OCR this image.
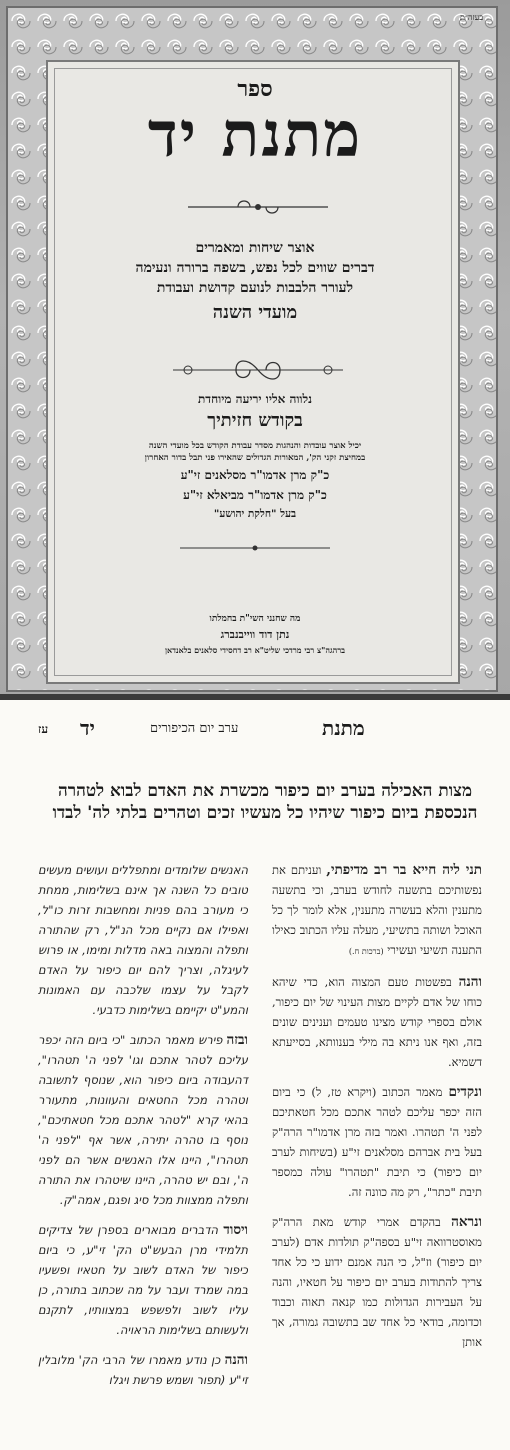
בעזה״ת
ספר
מתנת יד
אוצר שיחות ומאמרים
דברים שווים לכל נפש, בשפה ברורה ונעימה
לעורר הלבבות לנועם קדושת ועבודת
מועדי השנה
נלווה אליו יריעה מיוחדת
בקודש חזיתיך
יכיל אוצר עובדות והנהגות מסדר עבודת הקודש בכל מועדי השנה
במחיצת זקני הק', המאורות הגדולים שהאירו פני תבל בדור האחרון
כ"ק מרן אדמו"ר מסלאנים זי"ע
כ"ק מרן אדמו"ר מביאלא זי"ע
בעל "חלקת יהושע"
מה שחנני השי"ת בחמלתו
נתן דוד ווייבנברג
ברהגה"צ רבי מרדכי שליט"א רב דחסידי סלאנים בלאנדאן
מתנת
ערב יום הכיפורים
יד
עז
מצות האכילה בערב יום כיפור מכשרת את האדם לבוא לטהרה הנכספת ביום כיפור שיהיו כל מעשיו זכים וטהרים בלתי לה' לבדו

תני ליה חייא בר רב מדיפתי, ועניתם את נפשותיכם בתשעה לחודש בערב, וכי בתשעה מתענין והלא בעשרה מתענין, אלא לומר לך כל האוכל ושותה בתשיעי, מעלה עליו הכתוב כאילו התענה תשיעי ועשירי (ברכות ח.)

והנה בפשטות טעם המצוה הוא, כדי שיהא כוחו של אדם לקיים מצות העינוי של יום כיפור, אולם בספרי קודש מצינו טעמים וענינים שונים בזה, ואף אנו ניתא בה מילי בענוותא, בסייעתא דשמיא.

ונקדים מאמר הכתוב (ויקרא טז, ל) כי ביום הזה יכפר עליכם לטהר אתכם מכל חטאתיכם לפני ה' תטהרו. ואמר בזה מרן אדמו"ר הרה"ק בעל בית אברהם מסלאנים זי"ע (בשיחות לערב יום כיפור) כי תיבת "תטהרו" עולה כמספר תיבת "כתר", רק מה כוונה זה.

ונראה בהקדם אמרי קודש מאת הרה"ק מאוסטרוואה זי"ע בספה"ק תולדות אדם (לערב יום כיפור) וז"ל, כי הנה אמנם ידוע כי כל אחד צריך להתודות בערב יום כיפור על חטאיו, והנה על העבירות הגדולות כמו קנאה תאוה וכבוד וכדומה, בודאי כל אחד שב בתשובה גמורה, אך אותן

האנשים שלומדים ומתפללים ועושים מעשים טובים כל השנה אך אינם בשלימות, ממחת כי מעורב בהם פניות ומחשבות זרות כו"ל, ואפילו אם נקיים מכל הנ"ל, רק שהתורה ותפלה והמצוה באה מדלות ומימו, או פרוש לעיגלה, וצריך להם יום כיפור על האדם לקבל על עצמו שלכבה עם האמונות והמע"ט יקיימם בשלימות כדבעי.

ובזה פירש מאמר הכתוב "כי ביום הזה יכפר עליכם לטהר אתכם וגו' לפני ה' תטהרו", דהעבודה ביום כיפור הוא, שנוסף לתשובה וטהרה מכל החטאים והעוונות, מתעורר בהאי קרא "לטהר אתכם מכל חטאתיכם", נוסף בו טהרה יתירה, אשר אף "לפני ה' תטהרו", היינו אלו האנשים אשר הם לפני ה', ובם יש טהרה, היינו שיטהרו את התורה ותפלה ממצוות מכל סיג ופגם, אמה"ק.

ויסוד הדברים מבוארים בספרן של צדיקים תלמידי מרן הבעש"ט הק' זי"ע, כי ביום כיפור של האדם לשוב על חטאיו ופשעיו במה שמרד ועבר על מה שכתוב בתורה, כן עליו לשוב ולפשפש במצוותיו, לתקנם ולעשותם בשלימות הראויה.

והנה כן נודע מאמרו של הרבי הק' מלובלין זי"ע (תפור ושמש פרשת ויגלו
